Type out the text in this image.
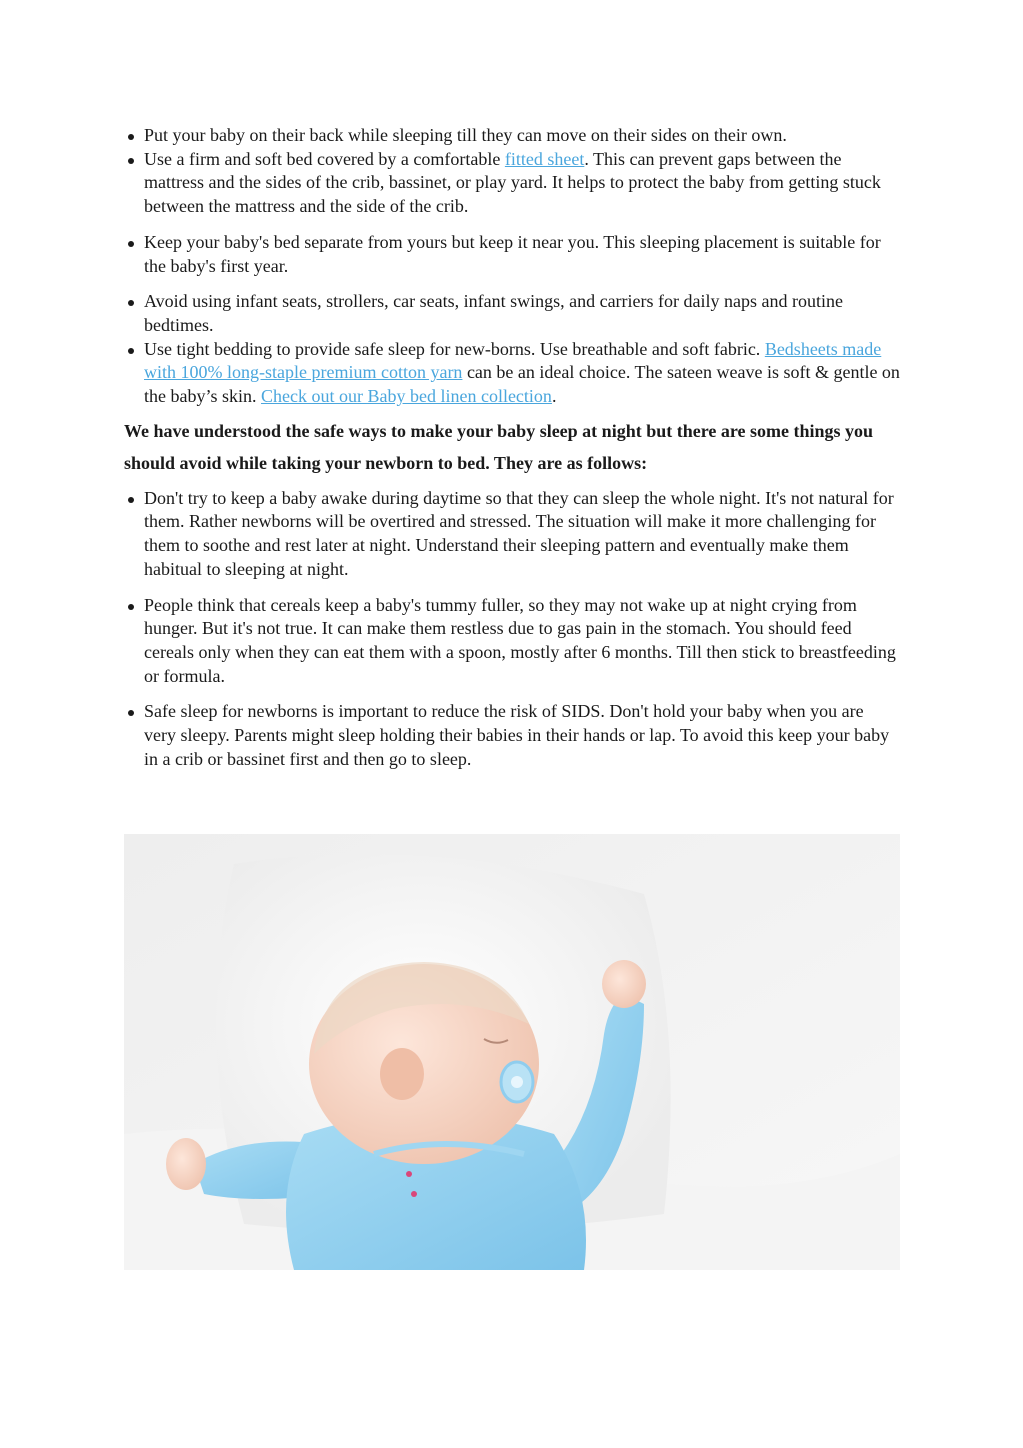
Put your baby on their back while sleeping till they can move on their sides on their own.
Use a firm and soft bed covered by a comfortable fitted sheet. This can prevent gaps between the mattress and the sides of the crib, bassinet, or play yard. It helps to protect the baby from getting stuck between the mattress and the side of the crib.
Keep your baby's bed separate from yours but keep it near you. This sleeping placement is suitable for the baby's first year.
Avoid using infant seats, strollers, car seats, infant swings, and carriers for daily naps and routine bedtimes.
Use tight bedding to provide safe sleep for new-borns. Use breathable and soft fabric. Bedsheets made with 100% long-staple premium cotton yarn can be an ideal choice. The sateen weave is soft & gentle on the baby’s skin. Check out our Baby bed linen collection.

We have understood the safe ways to make your baby sleep at night but there are some things you should avoid while taking your newborn to bed. They are as follows:

Don't try to keep a baby awake during daytime so that they can sleep the whole night. It's not natural for them. Rather newborns will be overtired and stressed. The situation will make it more challenging for them to soothe and rest later at night. Understand their sleeping pattern and eventually make them habitual to sleeping at night.
People think that cereals keep a baby's tummy fuller, so they may not wake up at night crying from hunger. But it's not true. It can make them restless due to gas pain in the stomach. You should feed cereals only when they can eat them with a spoon, mostly after 6 months. Till then stick to breastfeeding or formula.
Safe sleep for newborns is important to reduce the risk of SIDS. Don't hold your baby when you are very sleepy. Parents might sleep holding their babies in their hands or lap. To avoid this keep your baby in a crib or bassinet first and then go to sleep.
